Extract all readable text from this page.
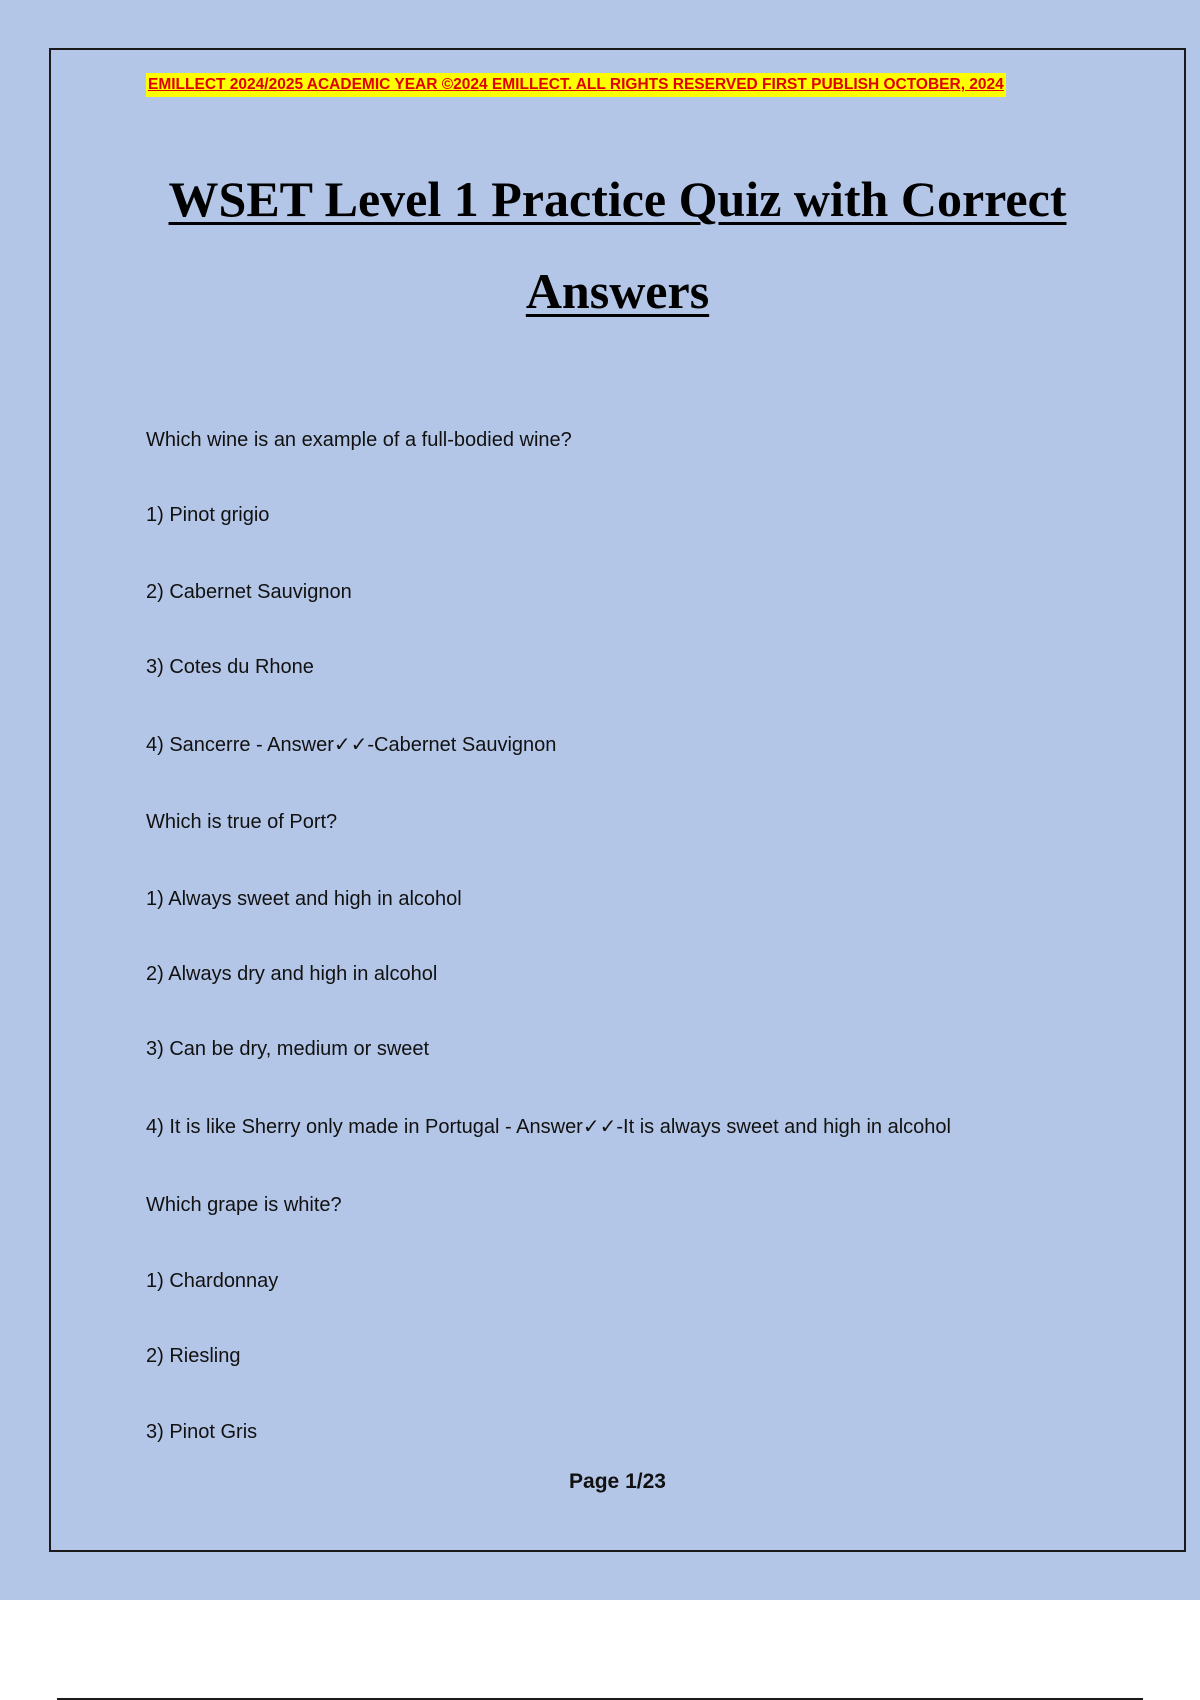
EMILLECT 2024/2025 ACADEMIC YEAR ©2024 EMILLECT. ALL RIGHTS RESERVED FIRST PUBLISH OCTOBER, 2024
WSET Level 1 Practice Quiz with Correct
Answers
Which wine is an example of a full-bodied wine?
1) Pinot grigio
2) Cabernet Sauvignon
3) Cotes du Rhone
4) Sancerre - Answer✓✓-Cabernet Sauvignon
Which is true of Port?
1) Always sweet and high in alcohol
2) Always dry and high in alcohol
3) Can be dry, medium or sweet
4) It is like Sherry only made in Portugal - Answer✓✓-It is always sweet and high in alcohol
Which grape is white?
1) Chardonnay
2) Riesling
3) Pinot Gris
Page 1/23
